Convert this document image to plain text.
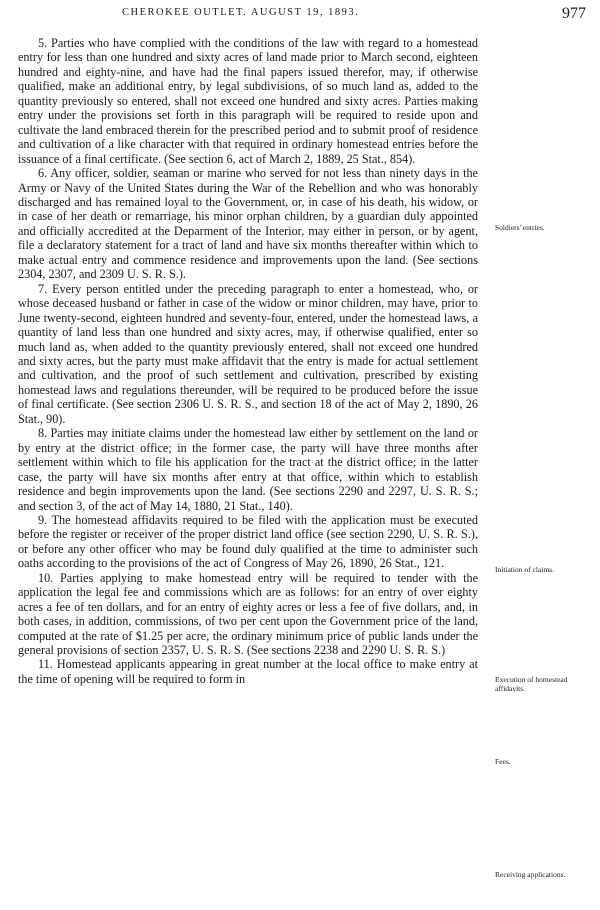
CHEROKEE OUTLET. AUGUST 19, 1893.	977

5. Parties who have complied with the conditions of the law with regard to a homestead entry for less than one hundred and sixty acres of land made prior to March second, eighteen hundred and eighty-nine, and have had the final papers issued therefor, may, if otherwise qualified, make an additional entry, by legal subdivisions, of so much land as, added to the quantity previously so entered, shall not exceed one hundred and sixty acres. Parties making entry under the provisions set forth in this paragraph will be required to reside upon and cultivate the land embraced therein for the prescribed period and to submit proof of residence and cultivation of a like character with that required in ordinary homestead entries before the issuance of a final certificate. (See section 6, act of March 2, 1889, 25 Stat., 854).

6. Any officer, soldier, seaman or marine who served for not less than ninety days in the Army or Navy of the United States during the War of the Rebellion and who was honorably discharged and has remained loyal to the Government, or, in case of his death, his widow, or in case of her death or remarriage, his minor orphan children, by a guardian duly appointed and officially accredited at the Deparment of the Interior, may either in person, or by agent, file a declaratory statement for a tract of land and have six months thereafter within which to make actual entry and commence residence and improvements upon the land. (See sections 2304, 2307, and 2309 U. S. R. S.).

7. Every person entitled under the preceding paragraph to enter a homestead, who, or whose deceased husband or father in case of the widow or minor children, may have, prior to June twenty-second, eighteen hundred and seventy-four, entered, under the homestead laws, a quantity of land less than one hundred and sixty acres, may, if otherwise qualified, enter so much land as, when added to the quantity previously entered, shall not exceed one hundred and sixty acres, but the party must make affidavit that the entry is made for actual settlement and cultivation, and the proof of such settlement and cultivation, prescribed by existing homestead laws and regulations thereunder, will be required to be produced before the issue of final certificate. (See section 2306 U. S. R. S., and section 18 of the act of May 2, 1890, 26 Stat., 90).

8. Parties may initiate claims under the homestead law either by settlement on the land or by entry at the district office; in the former case, the party will have three months after settlement within which to file his application for the tract at the district office; in the latter case, the party will have six months after entry at that office, within which to establish residence and begin improvements upon the land. (See sections 2290 and 2297, U. S. R. S.; and section 3, of the act of May 14, 1880, 21 Stat., 140).

9. The homestead affidavits required to be filed with the application must be executed before the register or receiver of the proper district land office (see section 2290, U. S. R. S.), or before any other officer who may be found duly qualified at the time to administer such oaths according to the provisions of the act of Congress of May 26, 1890, 26 Stat., 121.

10. Parties applying to make homestead entry will be required to tender with the application the legal fee and commissions which are as follows: for an entry of over eighty acres a fee of ten dollars, and for an entry of eighty acres or less a fee of five dollars, and, in both cases, in addition, commissions, of two per cent upon the Government price of the land, computed at the rate of $1.25 per acre, the ordinary minimum price of public lands under the general provisions of section 2357, U. S. R. S. (See sections 2238 and 2290 U. S. R. S.)

11. Homestead applicants appearing in great number at the local office to make entry at the time of opening will be required to form in

Soldiers' entries.
Initiation of claims.
Execution of homestead affidavits.
Fees.
Receiving applications.
